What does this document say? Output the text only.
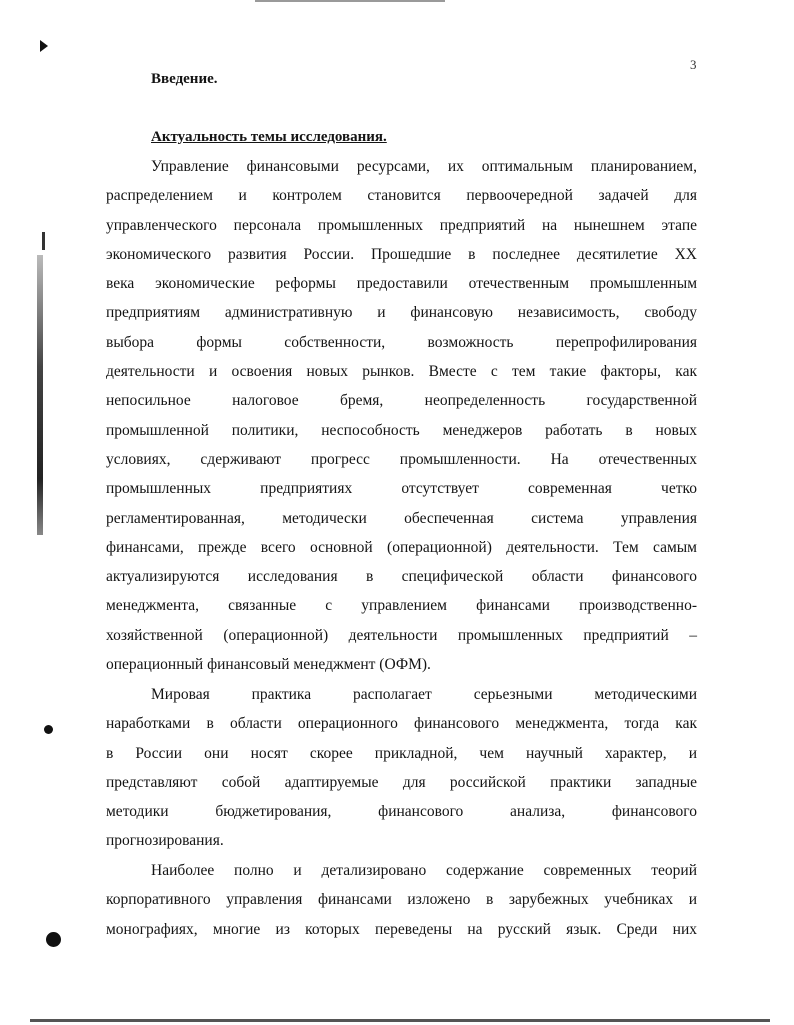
3
Введение.
Актуальность темы исследования.
Управление финансовыми ресурсами, их оптимальным планированием,
распределением и контролем становится первоочередной задачей для
управленческого персонала промышленных предприятий на нынешнем этапе
экономического развития России. Прошедшие в последнее десятилетие XX
века экономические реформы предоставили отечественным промышленным
предприятиям административную и финансовую независимость, свободу
выбора формы собственности, возможность перепрофилирования
деятельности и освоения новых рынков. Вместе с тем такие факторы, как
непосильное налоговое бремя, неопределенность государственной
промышленной политики, неспособность менеджеров работать в новых
условиях, сдерживают прогресс промышленности. На отечественных
промышленных предприятиях отсутствует современная четко
регламентированная, методически обеспеченная система управления
финансами, прежде всего основной (операционной) деятельности. Тем самым
актуализируются исследования в специфической области финансового
менеджмента, связанные с управлением финансами производственно-
хозяйственной (операционной) деятельности промышленных предприятий –
операционный финансовый менеджмент (ОФМ).
Мировая практика располагает серьезными методическими
наработками в области операционного финансового менеджмента, тогда как
в России они носят скорее прикладной, чем научный характер, и
представляют собой адаптируемые для российской практики западные
методики бюджетирования, финансового анализа, финансового
прогнозирования.
Наиболее полно и детализировано содержание современных теорий
корпоративного управления финансами изложено в зарубежных учебниках и
монографиях, многие из которых переведены на русский язык. Среди них
